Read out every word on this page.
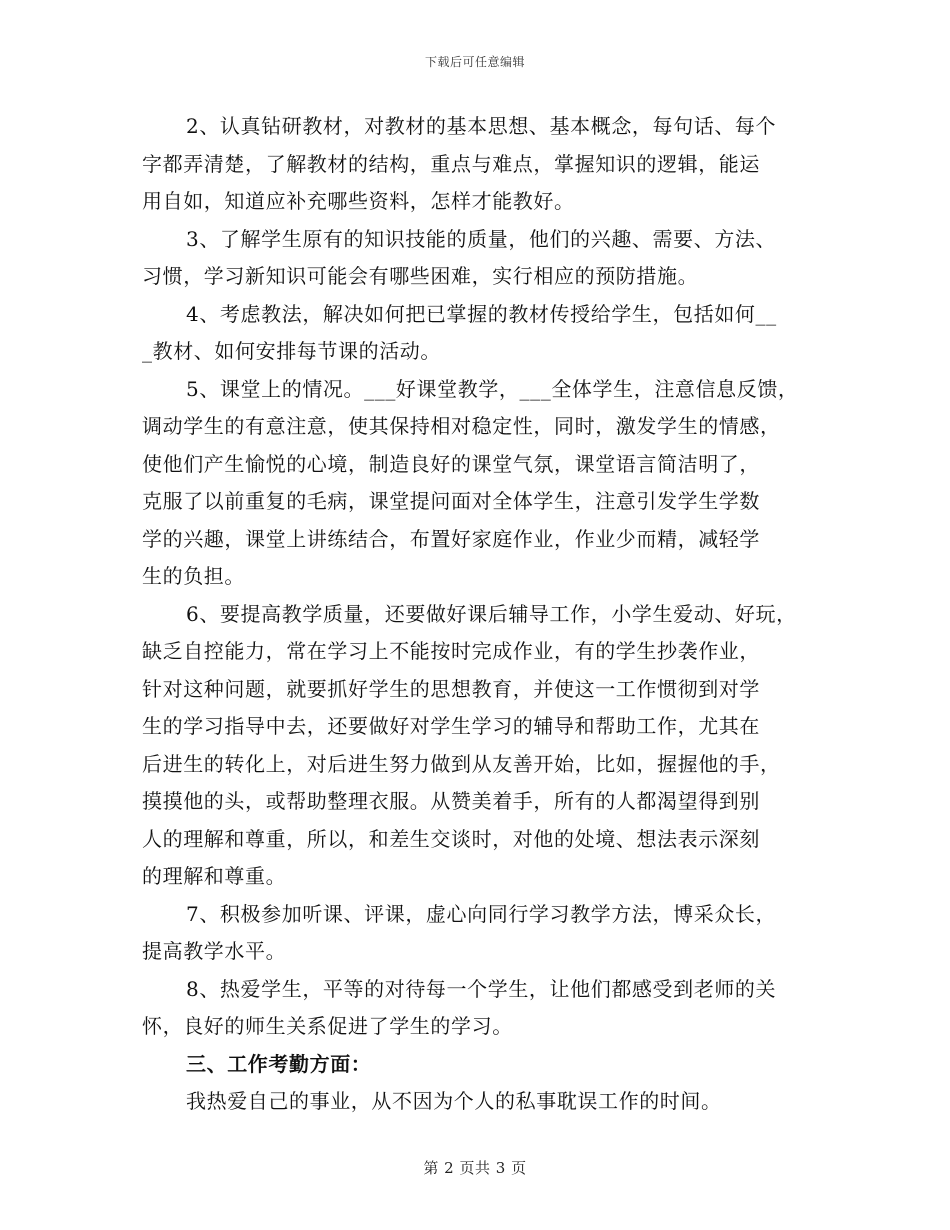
下载后可任意编辑
2、认真钻研教材，对教材的基本思想、基本概念，每句话、每个
字都弄清楚，了解教材的结构，重点与难点，掌握知识的逻辑，能运
用自如，知道应补充哪些资料，怎样才能教好。
3、了解学生原有的知识技能的质量，他们的兴趣、需要、方法、
习惯，学习新知识可能会有哪些困难，实行相应的预防措施。
4、考虑教法，解决如何把已掌握的教材传授给学生，包括如何__
_教材、如何安排每节课的活动。
5、课堂上的情况。___好课堂教学，___全体学生，注意信息反馈，
调动学生的有意注意，使其保持相对稳定性，同时，激发学生的情感，
使他们产生愉悦的心境，制造良好的课堂气氛，课堂语言简洁明了，
克服了以前重复的毛病，课堂提问面对全体学生，注意引发学生学数
学的兴趣，课堂上讲练结合，布置好家庭作业，作业少而精，减轻学
生的负担。
6、要提高教学质量，还要做好课后辅导工作，小学生爱动、好玩，
缺乏自控能力，常在学习上不能按时完成作业，有的学生抄袭作业，
针对这种问题，就要抓好学生的思想教育，并使这一工作惯彻到对学
生的学习指导中去，还要做好对学生学习的辅导和帮助工作，尤其在
后进生的转化上，对后进生努力做到从友善开始，比如，握握他的手，
摸摸他的头，或帮助整理衣服。从赞美着手，所有的人都渴望得到别
人的理解和尊重，所以，和差生交谈时，对他的处境、想法表示深刻
的理解和尊重。
7、积极参加听课、评课，虚心向同行学习教学方法，博采众长，
提高教学水平。
8、热爱学生，平等的对待每一个学生，让他们都感受到老师的关
怀，良好的师生关系促进了学生的学习。
三、工作考勤方面：
我热爱自己的事业，从不因为个人的私事耽误工作的时间。
第 2 页共 3 页
